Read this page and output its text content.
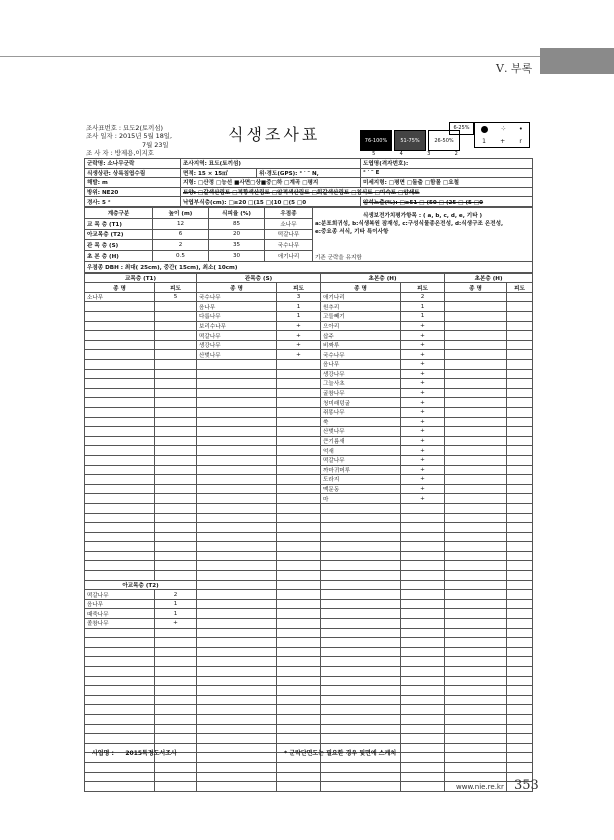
Ⅴ. 부록
조사표번호 : 묘도2(토끼섬)
조사 일자 : 2015년 5월 18일,
7월 23일
조 사 자 : 방제용,이지호
식생조사표	76-100%	51-75%	26-50%
5	4	3	2
6-25%	⁘ •
1 + r
군락명: 소나무군락	조사지역: 묘도(토끼섬)		도엽명(격자번호):
식생상관: 상록침엽수림	면적: 15 × 15㎡	위·경도(GPS): ° ′ ″ N,	° ′ ″ E
해발: m	지형: □산정 □능선 ■사면□상■중□하 □계곡 □평지		미세지형: □평면 □돌출 □함몰 □요철
방위: NE20	토양: □갈색산림토 □적황색산림토 □암적색산림토 □회갈색산림토 □침식토 □미숙토 □암쇄토		
경사: 5 °	낙엽부식층(cm): □≥20 □(15 □(10 □(5 □0		암석노출(%): □≥51 □ (50 □ (25 □ (5 □0
계층구분	높이 (m)	식피율 (%)	우점종	식생보전가치평가항목 : ( a, b, c, d, e, 기타 )
a:분포희귀성, b:식생복원 잠재성, c:구성식물종온전성, d:식생구조 온전성,
e:중요종 서식, 기타 특이사항
기존 군락을 유지함

교 목 층 (T1)	12	85	소나무	
아교목층 (T2)	6	20	떡갈나무	
관 목 층 (S)	2	35	국수나무	
초 본 층 (H)	0.5	30	애기나리	
우점종 DBH : 최대( 25cm), 중간( 15cm), 최소( 10cm)				
교목층 (T1)		관목층 (S)		초본층 (H)		초본층 (H)	
종 명	피도	종 명	피도	종 명	피도	종 명	피도
소나무	5	국수나무	3	애기나리	2		
		음나무	1	원추리	1		
		다릅나무	1	고들빼기	1		
		보리수나무	+	으아리	+		
		떡갈나무	+	삽주	+		
		생강나무	+	비짜루	+		
		산벚나무	+	국수나무	+		
				음나무	+		
				생강나무	+		
				그늘사초	+		
				굴참나무	+		
				청미래덩굴	+		
				쥐똥나무	+		
				쑥	+		
				산벚나무	+		
				큰기름새	+		
				억새	+		
				떡갈나무	+		
				까마귀머루	+		
				도라지	+		
				맥문동	+		
				마	+		

아교목층 (T2)							
떡갈나무	2						
음나무	1						
때죽나무	1						
졸참나무	+						

사업명 : 2015특정도서조사	* 군락단면도는 필요한 경우 뒷면에 스케치
www.nie.re.kr 353
